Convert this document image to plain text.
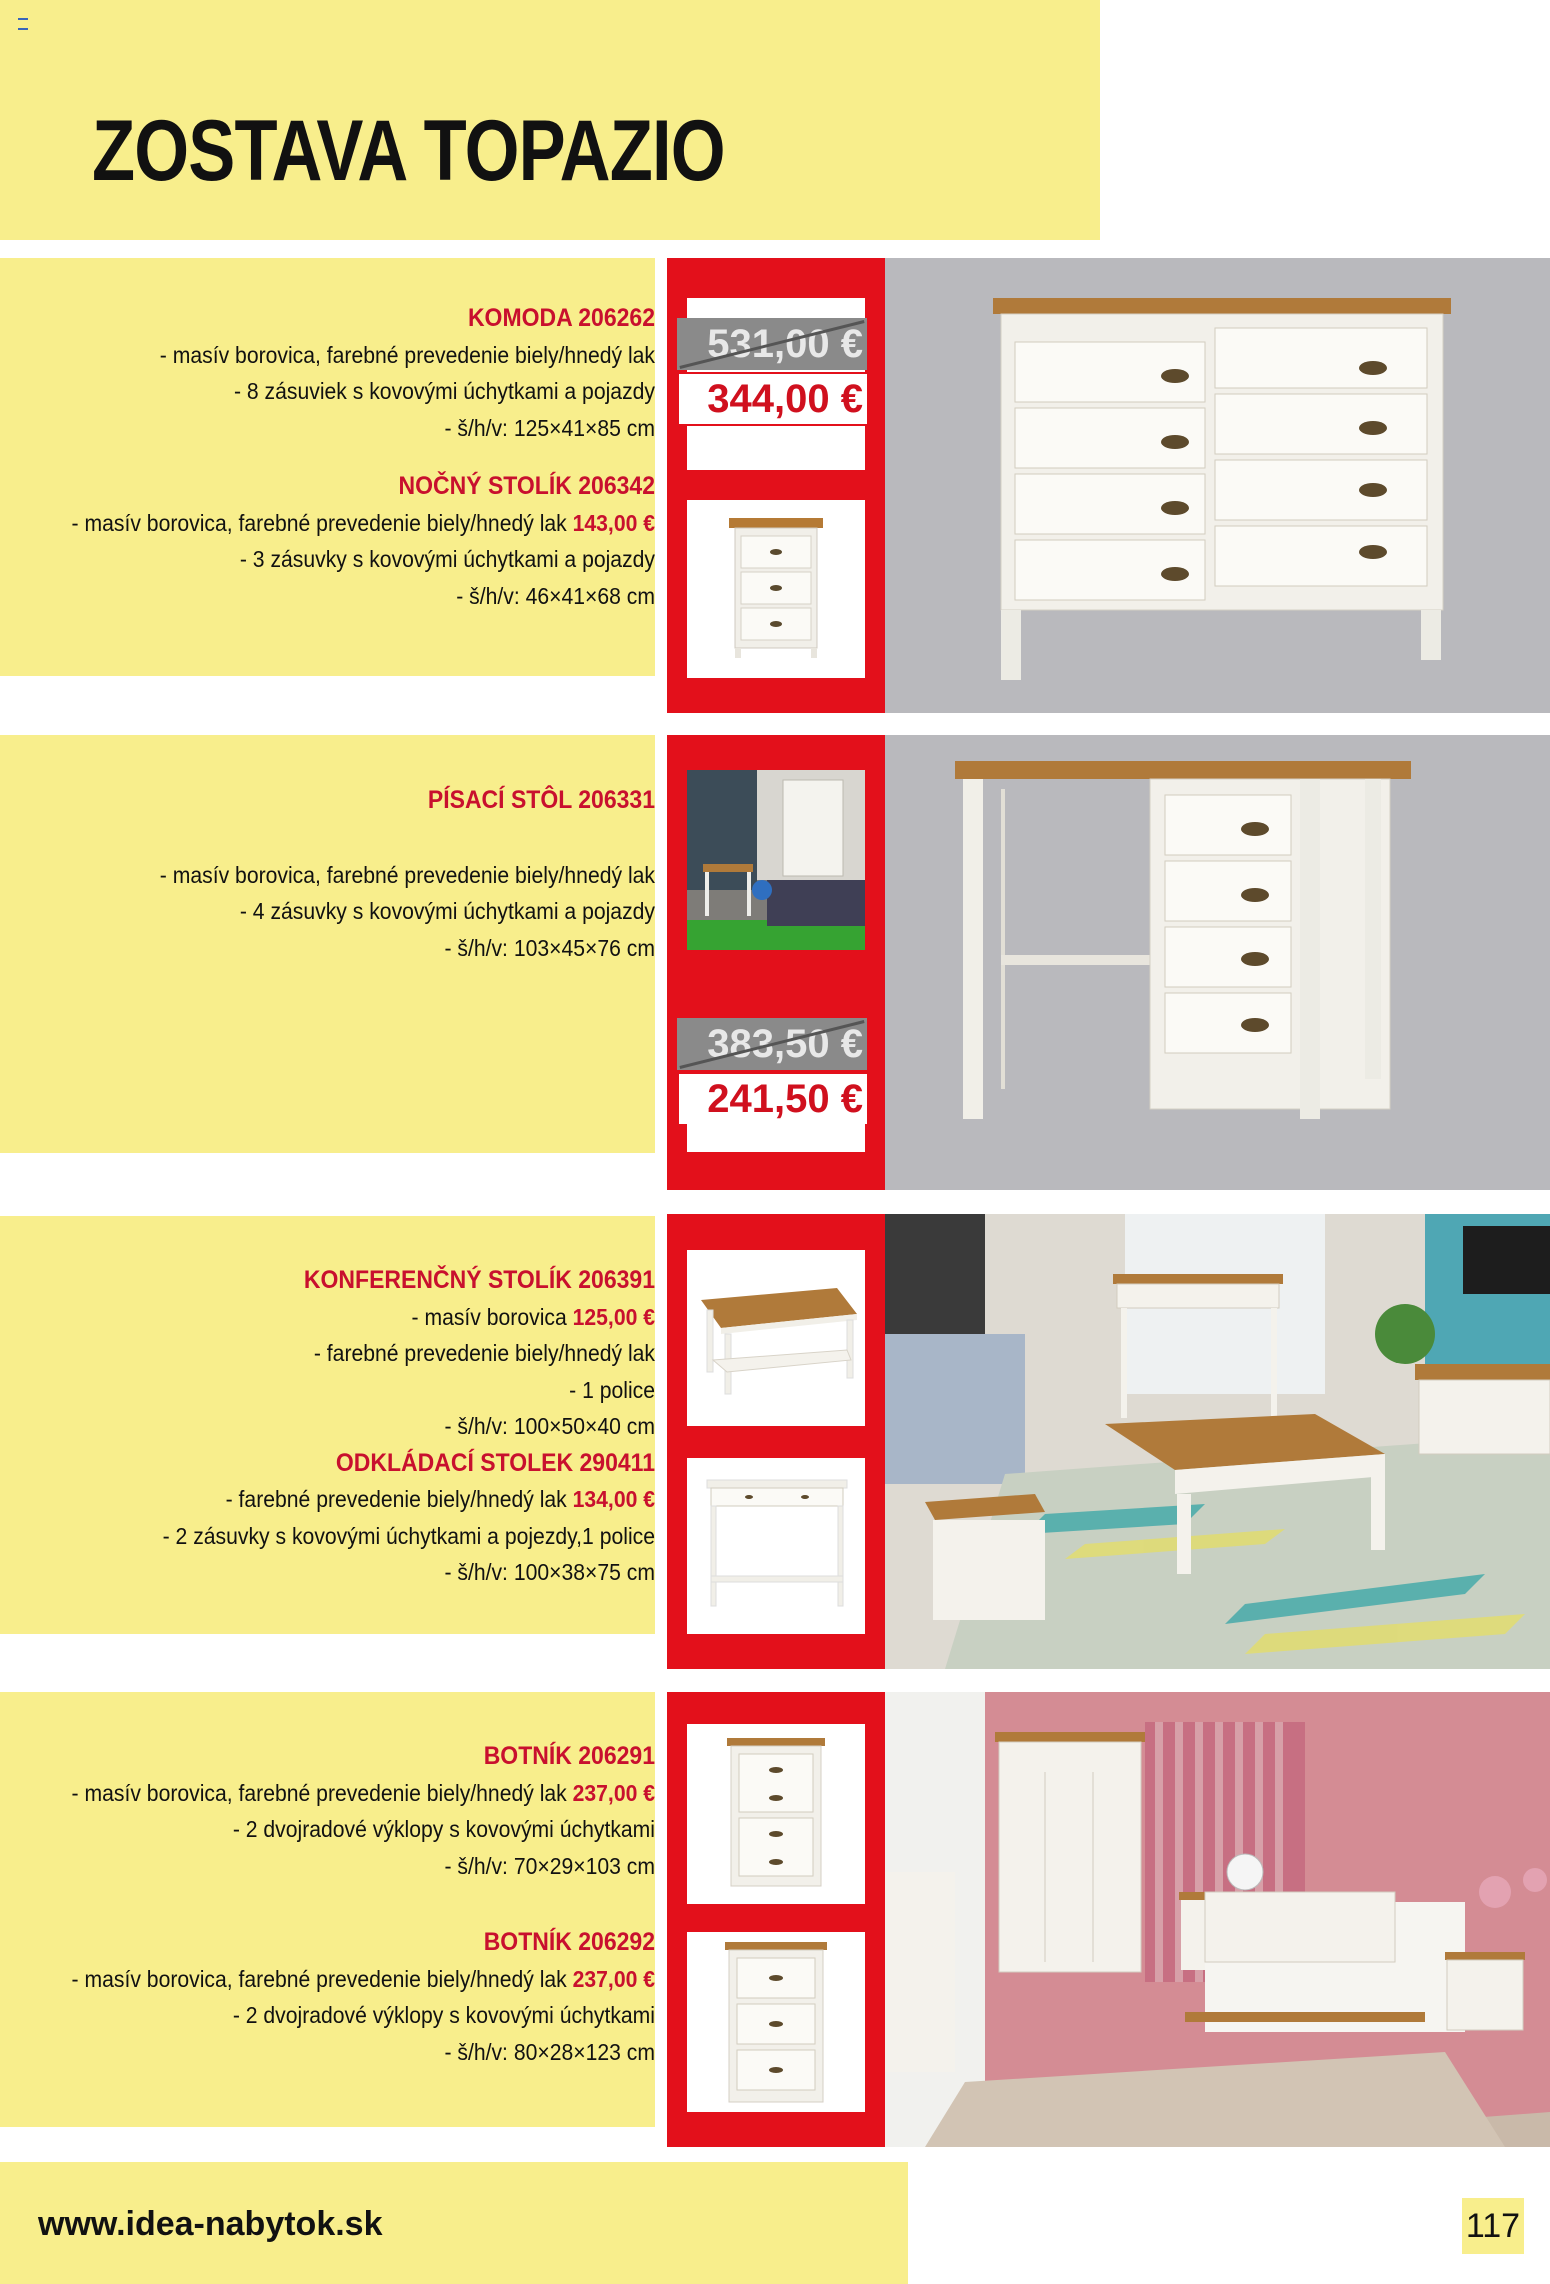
ZOSTAVA TOPAZIO
KOMODA 206262
- masív borovica, farebné prevedenie biely/hnedý lak
- 8 zásuviek s kovovými úchytkami a pojazdy
- š/h/v: 125×41×85 cm
NOČNÝ STOLÍK 206342
- masív borovica, farebné prevedenie biely/hnedý lak 143,00 €
- 3 zásuvky s kovovými úchytkami a pojazdy
- š/h/v: 46×41×68 cm
531,00 €
344,00 €
PÍSACÍ STÔL 206331
- masív borovica, farebné prevedenie biely/hnedý lak
- 4 zásuvky s kovovými úchytkami a pojazdy
- š/h/v: 103×45×76 cm
383,50 €
241,50 €
KONFERENČNÝ STOLÍK 206391
- masív borovica 125,00 €
- farebné prevedenie biely/hnedý lak
- 1 police
- š/h/v: 100×50×40 cm
ODKLÁDACÍ STOLEK 290411
- farebné prevedenie biely/hnedý lak 134,00 €
- 2 zásuvky s kovovými úchytkami a pojezdy,1 police
- š/h/v: 100×38×75 cm
BOTNÍK 206291
- masív borovica, farebné prevedenie biely/hnedý lak 237,00 €
- 2 dvojradové výklopy s kovovými úchytkami
- š/h/v: 70×29×103 cm
BOTNÍK 206292
- masív borovica, farebné prevedenie biely/hnedý lak 237,00 €
- 2 dvojradové výklopy s kovovými úchytkami
- š/h/v: 80×28×123 cm
www.idea-nabytok.sk	117
